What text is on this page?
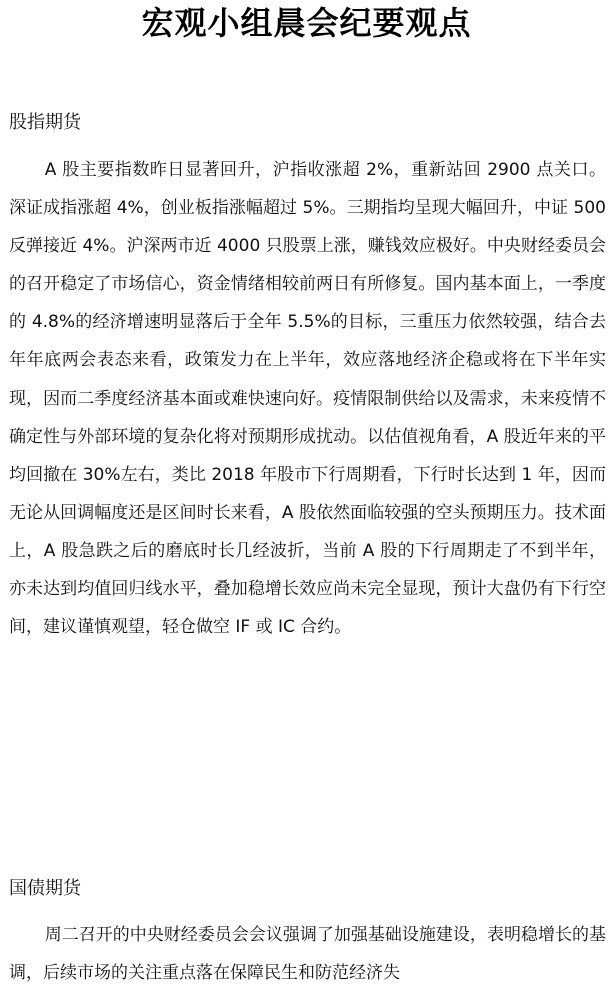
宏观小组晨会纪要观点
股指期货

A 股主要指数昨日显著回升，沪指收涨超 2%，重新站回 2900 点关口。深证成指涨超 4%，创业板指涨幅超过 5%。三期指均呈现大幅回升，中证 500 反弹接近 4%。沪深两市近 4000 只股票上涨，赚钱效应极好。中央财经委员会的召开稳定了市场信心，资金情绪相较前两日有所修复。国内基本面上，一季度的 4.8%的经济增速明显落后于全年 5.5%的目标，三重压力依然较强，结合去年年底两会表态来看，政策发力在上半年，效应落地经济企稳或将在下半年实现，因而二季度经济基本面或难快速向好。疫情限制供给以及需求，未来疫情不确定性与外部环境的复杂化将对预期形成扰动。以估值视角看，A 股近年来的平均回撤在 30%左右，类比 2018 年股市下行周期看，下行时长达到 1 年，因而无论从回调幅度还是区间时长来看，A 股依然面临较强的空头预期压力。技术面上，A 股急跌之后的磨底时长几经波折，当前 A 股的下行周期走了不到半年，亦未达到均值回归线水平，叠加稳增长效应尚未完全显现，预计大盘仍有下行空间，建议谨慎观望，轻仓做空 IF 或 IC 合约。

国债期货

周二召开的中央财经委员会会议强调了加强基础设施建设，表明稳增长的基调，后续市场的关注重点落在保障民生和防范经济失
